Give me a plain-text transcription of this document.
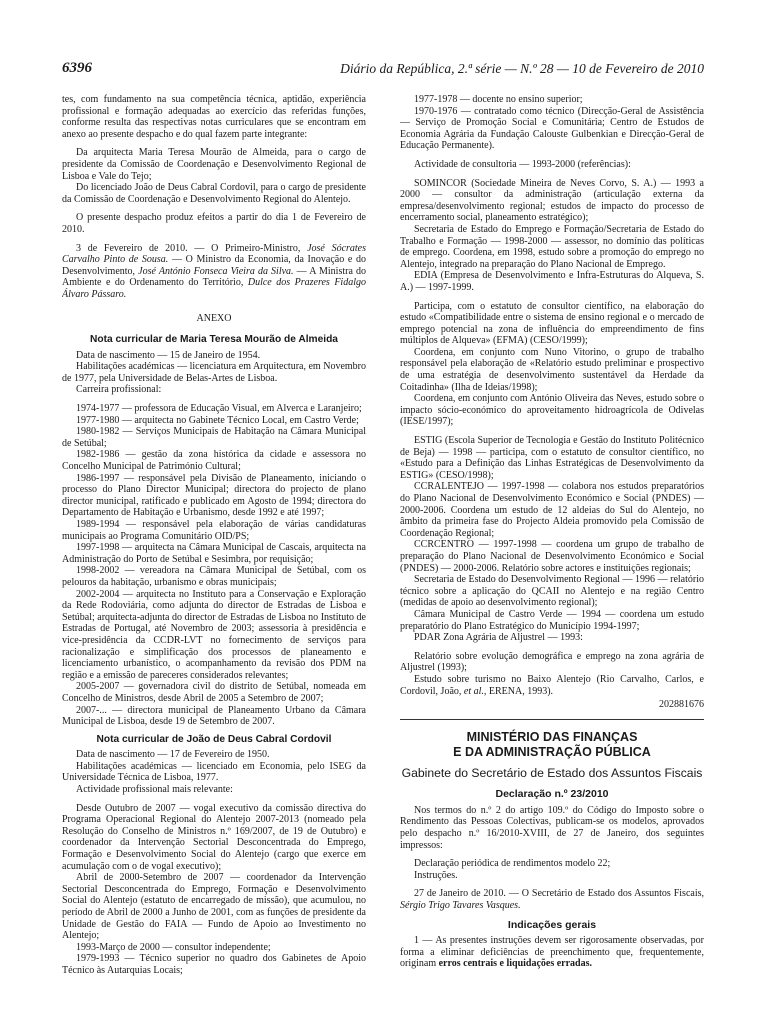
6396	Diário da República, 2.ª série — N.º 28 — 10 de Fevereiro de 2010

tes, com fundamento na sua competência técnica, aptidão, experiência profissional e formação adequadas ao exercício das referidas funções, conforme resulta das respectivas notas curriculares que se encontram em anexo ao presente despacho e do qual fazem parte integrante:

Da arquitecta Maria Teresa Mourão de Almeida, para o cargo de presidente da Comissão de Coordenação e Desenvolvimento Regional de Lisboa e Vale do Tejo;

Do licenciado João de Deus Cabral Cordovil, para o cargo de presidente da Comissão de Coordenação e Desenvolvimento Regional do Alentejo.

O presente despacho produz efeitos a partir do dia 1 de Fevereiro de 2010.

3 de Fevereiro de 2010. — O Primeiro-Ministro, José Sócrates Carvalho Pinto de Sousa. — O Ministro da Economia, da Inovação e do Desenvolvimento, José António Fonseca Vieira da Silva. — A Ministra do Ambiente e do Ordenamento do Território, Dulce dos Prazeres Fidalgo Álvaro Pássaro.

ANEXO

Nota curricular de Maria Teresa Mourão de Almeida

Data de nascimento — 15 de Janeiro de 1954.

Habilitações académicas — licenciatura em Arquitectura, em Novembro de 1977, pela Universidade de Belas-Artes de Lisboa.

Carreira profissional:

1974-1977 — professora de Educação Visual, em Alverca e Laranjeiro;

1977-1980 — arquitecta no Gabinete Técnico Local, em Castro Verde;

1980-1982 — Serviços Municipais de Habitação na Câmara Municipal de Setúbal;

1982-1986 — gestão da zona histórica da cidade e assessora no Concelho Municipal de Património Cultural;

1986-1997 — responsável pela Divisão de Planeamento, iniciando o processo do Plano Director Municipal; directora do projecto de plano director municipal, ratificado e publicado em Agosto de 1994; directora do Departamento de Habitação e Urbanismo, desde 1992 e até 1997;

1989-1994 — responsável pela elaboração de várias candidaturas municipais ao Programa Comunitário OID/PS;

1997-1998 — arquitecta na Câmara Municipal de Cascais, arquitecta na Administração do Porto de Setúbal e Sesimbra, por requisição;

1998-2002 — vereadora na Câmara Municipal de Setúbal, com os pelouros da habitação, urbanismo e obras municipais;

2002-2004 — arquitecta no Instituto para a Conservação e Exploração da Rede Rodoviária, como adjunta do director de Estradas de Lisboa e Setúbal; arquitecta-adjunta do director de Estradas de Lisboa no Instituto de Estradas de Portugal, até Novembro de 2003; assessoria à presidência e vice-presidência da CCDR-LVT no fornecimento de serviços para racionalização e simplificação dos processos de planeamento e licenciamento urbanístico, o acompanhamento da revisão dos PDM na região e a emissão de pareceres considerados relevantes;

2005-2007 — governadora civil do distrito de Setúbal, nomeada em Concelho de Ministros, desde Abril de 2005 a Setembro de 2007;

2007-... — directora municipal de Planeamento Urbano da Câmara Municipal de Lisboa, desde 19 de Setembro de 2007.

Nota curricular de João de Deus Cabral Cordovil

Data de nascimento — 17 de Fevereiro de 1950.

Habilitações académicas — licenciado em Economia, pelo ISEG da Universidade Técnica de Lisboa, 1977.

Actividade profissional mais relevante:

Desde Outubro de 2007 — vogal executivo da comissão directiva do Programa Operacional Regional do Alentejo 2007-2013 (nomeado pela Resolução do Conselho de Ministros n.º 169/2007, de 19 de Outubro) e coordenador da Intervenção Sectorial Desconcentrada do Emprego, Formação e Desenvolvimento Social do Alentejo (cargo que exerce em acumulação com o de vogal executivo);

Abril de 2000-Setembro de 2007 — coordenador da Intervenção Sectorial Desconcentrada do Emprego, Formação e Desenvolvimento Social do Alentejo (estatuto de encarregado de missão), que acumulou, no período de Abril de 2000 a Junho de 2001, com as funções de presidente da Unidade de Gestão do FAIA — Fundo de Apoio ao Investimento no Alentejo;

1993-Março de 2000 — consultor independente;

1979-1993 — Técnico superior no quadro dos Gabinetes de Apoio Técnico às Autarquias Locais;

1977-1978 — docente no ensino superior;

1970-1976 — contratado como técnico (Direcção-Geral de Assistência — Serviço de Promoção Social e Comunitária; Centro de Estudos de Economia Agrária da Fundação Calouste Gulbenkian e Direcção-Geral de Educação Permanente).

Actividade de consultoria — 1993-2000 (referências):

SOMINCOR (Sociedade Mineira de Neves Corvo, S. A.) — 1993 a 2000 — consultor da administração (articulação externa da empresa/desenvolvimento regional; estudos de impacto do processo de encerramento social, planeamento estratégico);

Secretaria de Estado do Emprego e Formação/Secretaria de Estado do Trabalho e Formação — 1998-2000 — assessor, no domínio das políticas de emprego. Coordena, em 1998, estudo sobre a promoção do emprego no Alentejo, integrado na preparação do Plano Nacional de Emprego.

EDIA (Empresa de Desenvolvimento e Infra-Estruturas do Alqueva, S. A.) — 1997-1999.

Participa, com o estatuto de consultor científico, na elaboração do estudo «Compatibilidade entre o sistema de ensino regional e o mercado de emprego potencial na zona de influência do empreendimento de fins múltiplos de Alqueva» (EFMA) (CESO/1999);

Coordena, em conjunto com Nuno Vitorino, o grupo de trabalho responsável pela elaboração de «Relatório estudo preliminar e prospectivo de uma estratégia de desenvolvimento sustentável da Herdade da Coitadinha» (Ilha de Ideias/1998);

Coordena, em conjunto com António Oliveira das Neves, estudo sobre o impacto sócio-económico do aproveitamento hidroagrícola de Odivelas (IESE/1997);

ESTIG (Escola Superior de Tecnologia e Gestão do Instituto Politécnico de Beja) — 1998 — participa, com o estatuto de consultor científico, no «Estudo para a Definição das Linhas Estratégicas de Desenvolvimento da ESTIG» (CESO/1998);

CCRALENTEJO — 1997-1998 — colabora nos estudos preparatórios do Plano Nacional de Desenvolvimento Económico e Social (PNDES) — 2000-2006. Coordena um estudo de 12 aldeias do Sul do Alentejo, no âmbito da primeira fase do Projecto Aldeia promovido pela Comissão de Coordenação Regional;

CCRCENTRO — 1997-1998 — coordena um grupo de trabalho de preparação do Plano Nacional de Desenvolvimento Económico e Social (PNDES) — 2000-2006. Relatório sobre actores e instituições regionais;

Secretaria de Estado do Desenvolvimento Regional — 1996 — relatório técnico sobre a aplicação do QCAII no Alentejo e na região Centro (medidas de apoio ao desenvolvimento regional);

Câmara Municipal de Castro Verde — 1994 — coordena um estudo preparatório do Plano Estratégico do Município 1994-1997;

PDAR Zona Agrária de Aljustrel — 1993:

Relatório sobre evolução demográfica e emprego na zona agrária de Aljustrel (1993);

Estudo sobre turismo no Baixo Alentejo (Rio Carvalho, Carlos, e Cordovil, João, et al., ERENA, 1993).

202881676

MINISTÉRIO DAS FINANÇAS

E DA ADMINISTRAÇÃO PÚBLICA

Gabinete do Secretário de Estado dos Assuntos Fiscais

Declaração n.º 23/2010

Nos termos do n.º 2 do artigo 109.º do Código do Imposto sobre o Rendimento das Pessoas Colectivas, publicam-se os modelos, aprovados pelo despacho n.º 16/2010-XVIII, de 27 de Janeiro, dos seguintes impressos:

Declaração periódica de rendimentos modelo 22;

Instruções.

27 de Janeiro de 2010. — O Secretário de Estado dos Assuntos Fiscais, Sérgio Trigo Tavares Vasques.

Indicações gerais

1 — As presentes instruções devem ser rigorosamente observadas, por forma a eliminar deficiências de preenchimento que, frequentemente, originam erros centrais e liquidações erradas.
